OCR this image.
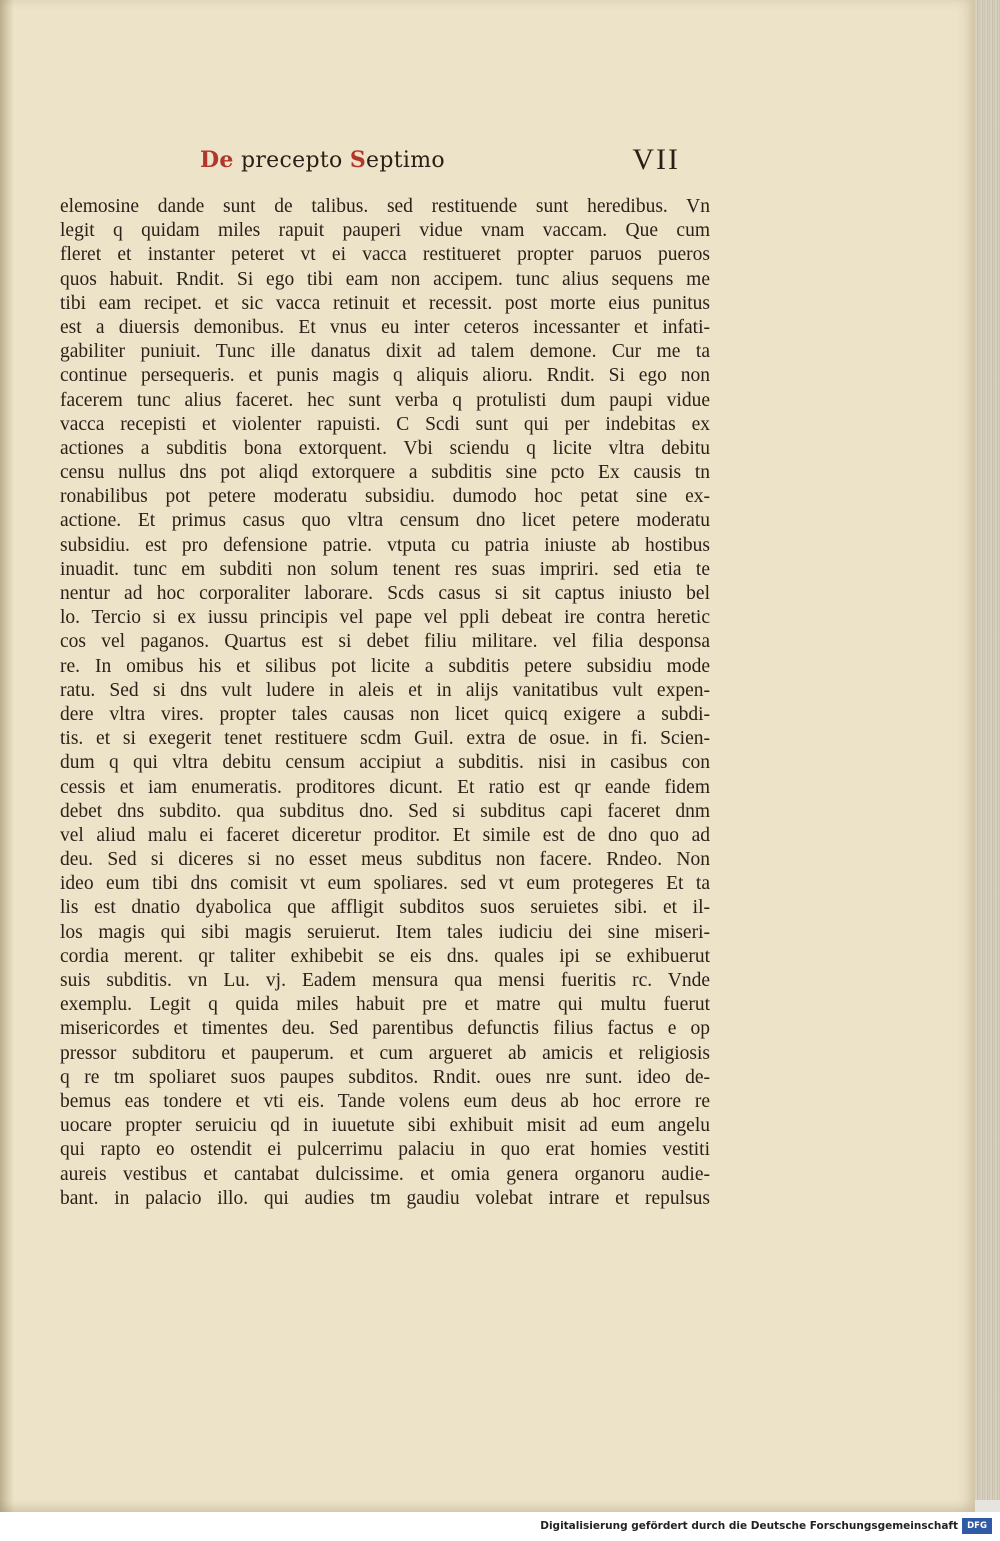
De precepto Septimo	VII
elemosine dande sunt de talibus. sed restituende sunt heredibus. Vn
legit q quidam miles rapuit pauperi vidue vnam vaccam. Que cum
fleret et instanter peteret vt ei vacca restitueret propter paruos pueros
quos habuit. Rndit. Si ego tibi eam non accipem. tunc alius sequens me
tibi eam recipet. et sic vacca retinuit et recessit. post morte eius punitus
est a diuersis demonibus. Et vnus eu inter ceteros incessanter et infati-
gabiliter puniuit. Tunc ille danatus dixit ad talem demone. Cur me ta
continue persequeris. et punis magis q aliquis alioru. Rndit. Si ego non
facerem tunc alius faceret. hec sunt verba q protulisti dum paupi vidue
vacca recepisti et violenter rapuisti. C Scdi sunt qui per indebitas ex
actiones a subditis bona extorquent. Vbi sciendu q licite vltra debitu
censu nullus dns pot aliqd extorquere a subditis sine pcto Ex causis tn
ronabilibus pot petere moderatu subsidiu. dumodo hoc petat sine ex-
actione. Et primus casus quo vltra censum dno licet petere moderatu
subsidiu. est pro defensione patrie. vtputa cu patria iniuste ab hostibus
inuadit. tunc em subditi non solum tenent res suas impriri. sed etia te
nentur ad hoc corporaliter laborare. Scds casus si sit captus iniusto bel
lo. Tercio si ex iussu principis vel pape vel ppli debeat ire contra heretic
cos vel paganos. Quartus est si debet filiu militare. vel filia desponsa
re. In omibus his et silibus pot licite a subditis petere subsidiu mode
ratu. Sed si dns vult ludere in aleis et in alijs vanitatibus vult expen-
dere vltra vires. propter tales causas non licet quicq exigere a subdi-
tis. et si exegerit tenet restituere scdm Guil. extra de osue. in fi. Scien-
dum q qui vltra debitu censum accipiut a subditis. nisi in casibus con
cessis et iam enumeratis. proditores dicunt. Et ratio est qr eande fidem
debet dns subdito. qua subditus dno. Sed si subditus capi faceret dnm
vel aliud malu ei faceret diceretur proditor. Et simile est de dno quo ad
deu. Sed si diceres si no esset meus subditus non facere. Rndeo. Non
ideo eum tibi dns comisit vt eum spoliares. sed vt eum protegeres Et ta
lis est dnatio dyabolica que affligit subditos suos seruietes sibi. et il-
los magis qui sibi magis seruierut. Item tales iudiciu dei sine miseri-
cordia merent. qr taliter exhibebit se eis dns. quales ipi se exhibuerut
suis subditis. vn Lu. vj. Eadem mensura qua mensi fueritis rc. Vnde
exemplu. Legit q quida miles habuit pre et matre qui multu fuerut
misericordes et timentes deu. Sed parentibus defunctis filius factus e op
pressor subditoru et pauperum. et cum argueret ab amicis et religiosis
q re tm spoliaret suos paupes subditos. Rndit. oues nre sunt. ideo de-
bemus eas tondere et vti eis. Tande volens eum deus ab hoc errore re
uocare propter seruiciu qd in iuuetute sibi exhibuit misit ad eum angelu
qui rapto eo ostendit ei pulcerrimu palaciu in quo erat homies vestiti
aureis vestibus et cantabat dulcissime. et omia genera organoru audie-
bant. in palacio illo. qui audies tm gaudiu volebat intrare et repulsus
Digitalisierung gefördert durch die Deutsche Forschungsgemeinschaft	DFG
